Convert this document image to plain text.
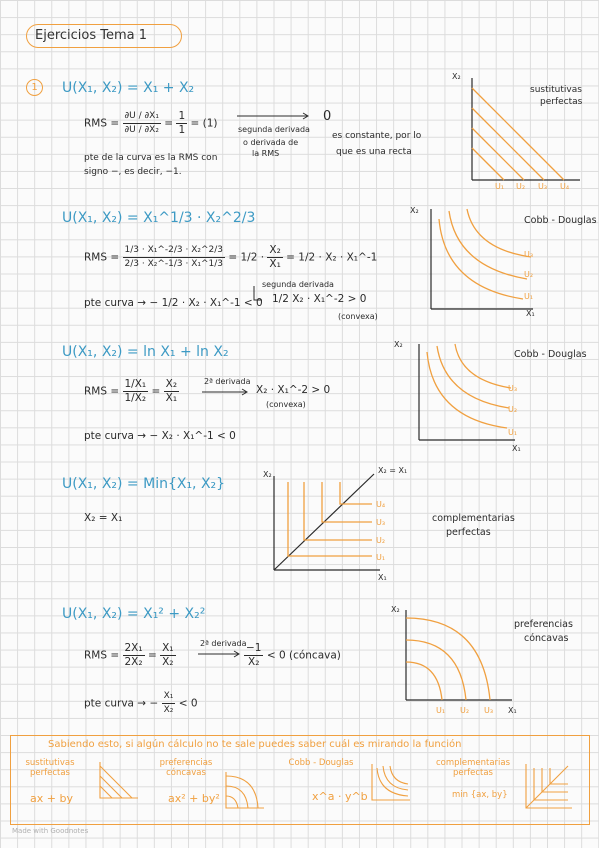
Ejercicios Tema 1
1	U(X₁, X₂) = X₁ + X₂
RMS = $\frac{\text{∂U / ∂X₁}}{\text{∂U / ∂X₂}} = \frac{1}{1} = (1)$	0
segunda derivada
o derivada de
la RMS
es constante, por lo
que es una recta
pte de la curva es la RMS con
signo −, es decir, −1.
X₂
sustitutivas
perfectas
U₁ U₂ U₃ U₄
U(X₁, X₂) = X₁^1/3 · X₂^2/3
RMS = $\frac{\text{1/3 · X₁\textasciicircum{}-2/3 · X₂\textasciicircum{}2/3}}{\text{2/3 · X₂\textasciicircum{}-1/3 · X₁\textasciicircum{}1/3}} = 1/2 \cdot \frac{\text{X₂}}{\text{X₁}} = 1/2 \cdot X_2$ · X₁^-1
segunda derivada
1/2 X₂ · X₁^-2 > 0
(convexa)
pte curva → − 1/2 · X₂ · X₁^-1 < 0
X₂
X₁
Cobb - Douglas
U₃
U₂
U₁
U(X₁, X₂) = ln X₁ + ln X₂
RMS = $\frac{\text{1/X₁}}{\text{1/X₂}} = \frac{\text{X₂}}{\text{X₁}}$	2ª derivada
X₂ · X₁^-2 > 0
(convexa)
pte curva → − X₂ · X₁^-1 < 0
X₂
X₁
Cobb - Douglas
U₃
U₂
U₁
U(X₁, X₂) = Min{X₁, X₂}
X₂ = X₁
X₂
X₁
X₂ = X₁
U₄
U₃
U₂
U₁
complementarias
perfectas
U(X₁, X₂) = X₁² + X₂²
RMS = $\frac{\text{2X₁}}{\text{2X₂}} = \frac{\text{X₁}}{\text{X₂}}$	2ª derivada
$\frac{-1}{\text{X₂}} < 0$ (cóncava)
pte curva → − $\frac{\text{X₁}}{\text{X₂}} < 0$
X₂
X₁
U₁ U₂ U₃
preferencias
cóncavas
Sabiendo esto, si algún cálculo no te sale puedes saber cuál es mirando la función
sustitutivas perfectas
ax + by
preferencias cóncavas
ax² + by²
Cobb - Douglas
x^a · y^b
complementarias perfectas
min {ax, by}
Made with Goodnotes
